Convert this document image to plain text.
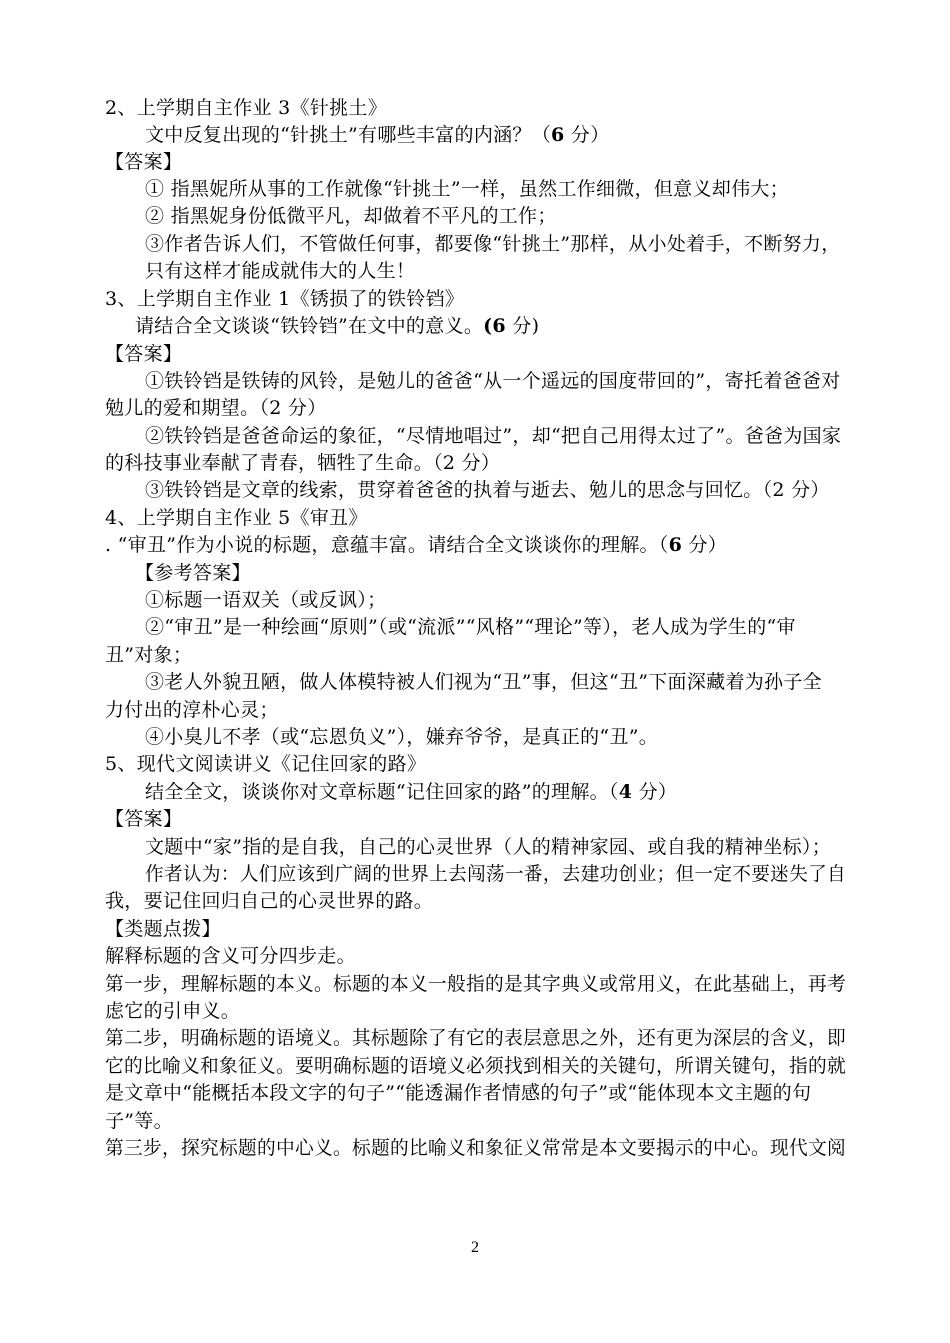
2、上学期自主作业 3《针挑土》
文中反复出现的“针挑土”有哪些丰富的内涵？（6 分）
【答案】
① 指黑妮所从事的工作就像“针挑土”一样，虽然工作细微，但意义却伟大；
② 指黑妮身份低微平凡，却做着不平凡的工作；
③作者告诉人们，不管做任何事，都要像“针挑土”那样，从小处着手，不断努力，
只有这样才能成就伟大的人生！
3、上学期自主作业 1《锈损了的铁铃铛》
请结合全文谈谈“铁铃铛”在文中的意义。(6 分)
【答案】
①铁铃铛是铁铸的风铃，是勉儿的爸爸“从一个遥远的国度带回的”，寄托着爸爸对
勉儿的爱和期望。（2 分）
②铁铃铛是爸爸命运的象征，“尽情地唱过”，却“把自己用得太过了”。爸爸为国家
的科技事业奉献了青春，牺牲了生命。（2 分）
③铁铃铛是文章的线索，贯穿着爸爸的执着与逝去、勉儿的思念与回忆。（2 分）
4、上学期自主作业 5《审丑》
. “审丑”作为小说的标题，意蕴丰富。请结合全文谈谈你的理解。（6 分）
【参考答案】
①标题一语双关（或反讽）；
②“审丑”是一种绘画“原则”（或“流派”“风格”“理论”等），老人成为学生的“审
丑”对象；
③老人外貌丑陋，做人体模特被人们视为“丑”事，但这“丑”下面深藏着为孙子全
力付出的淳朴心灵；
④小臭儿不孝（或“忘恩负义”），嫌弃爷爷，是真正的“丑”。
5、现代文阅读讲义《记住回家的路》
结全全文，谈谈你对文章标题“记住回家的路”的理解。（4 分）
【答案】
文题中“家”指的是自我，自己的心灵世界（人的精神家园、或自我的精神坐标）；
作者认为：人们应该到广阔的世界上去闯荡一番，去建功创业；但一定不要迷失了自
我，要记住回归自己的心灵世界的路。
【类题点拨】
解释标题的含义可分四步走。
第一步，理解标题的本义。标题的本义一般指的是其字典义或常用义，在此基础上，再考
虑它的引申义。
第二步，明确标题的语境义。其标题除了有它的表层意思之外，还有更为深层的含义，即
它的比喻义和象征义。要明确标题的语境义必须找到相关的关键句，所谓关键句，指的就
是文章中“能概括本段文字的句子”“能透漏作者情感的句子”或“能体现本文主题的句
子”等。
第三步，探究标题的中心义。标题的比喻义和象征义常常是本文要揭示的中心。现代文阅
2
